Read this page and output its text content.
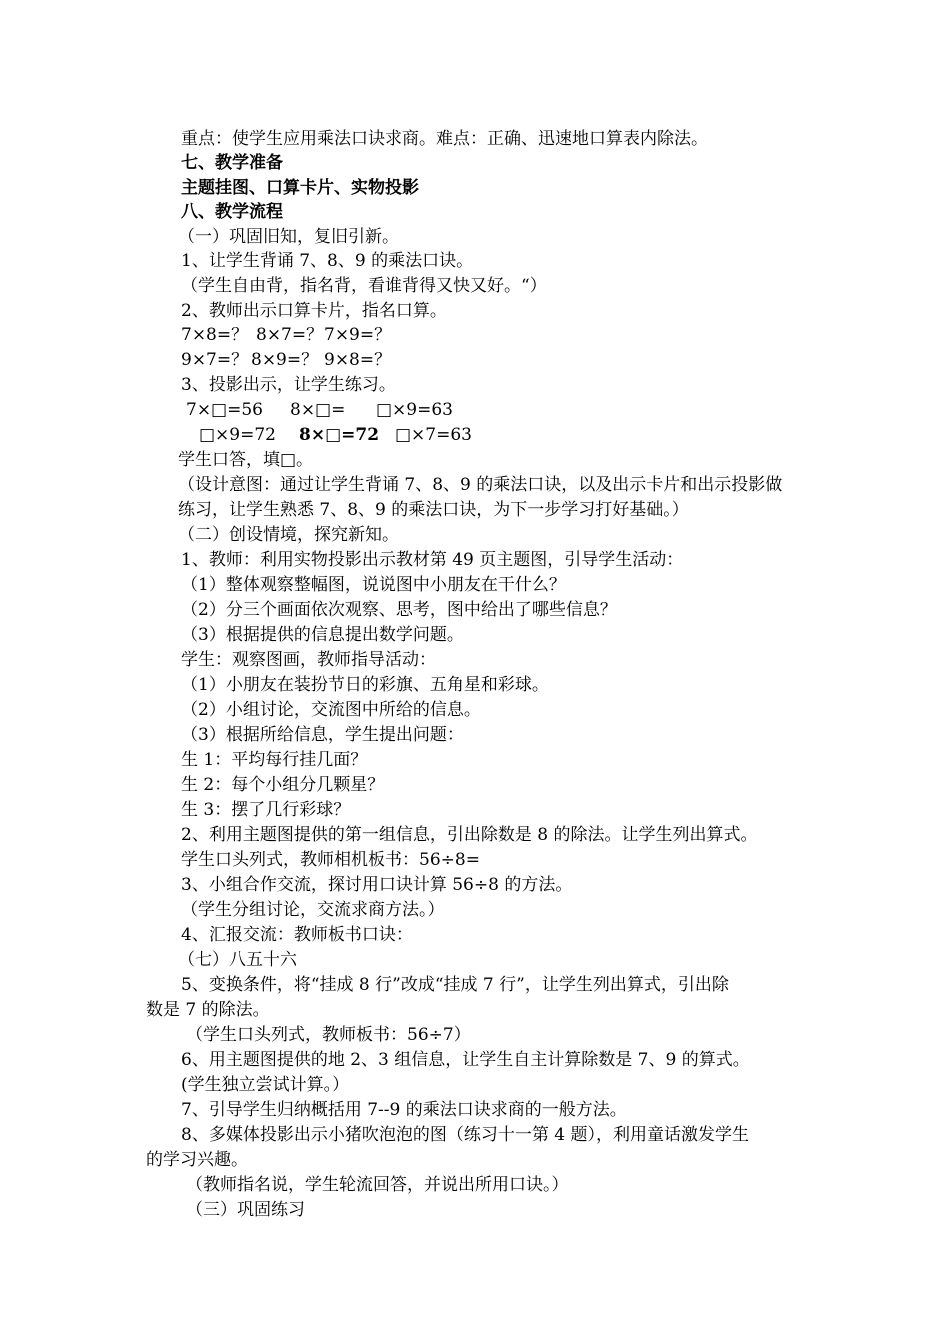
重点：使学生应用乘法口诀求商。难点：正确、迅速地口算表内除法。
七、教学准备
主题挂图、口算卡片、实物投影
八、教学流程
（一）巩固旧知，复旧引新。
1、让学生背诵 7、8、9 的乘法口诀。
（学生自由背，指名背，看谁背得又快又好。“）
2、教师出示口算卡片，指名口算。
7×8=？ 8×7=？ 7×9=？
9×7=？ 8×9=？ 9×8=？
3、投影出示，让学生练习。
7×□=56 8×□= □×9=63
□×9=72 8×□=72 □×7=63
学生口答，填□。
（设计意图：通过让学生背诵 7、8、9 的乘法口诀，以及出示卡片和出示投影做
练习，让学生熟悉 7、8、9 的乘法口诀，为下一步学习打好基础。）
（二）创设情境，探究新知。
1、教师：利用实物投影出示教材第 49 页主题图，引导学生活动：
（1）整体观察整幅图，说说图中小朋友在干什么？
（2）分三个画面依次观察、思考，图中给出了哪些信息？
（3）根据提供的信息提出数学问题。
学生：观察图画，教师指导活动：
（1）小朋友在装扮节日的彩旗、五角星和彩球。
（2）小组讨论，交流图中所给的信息。
（3）根据所给信息，学生提出问题：
生 1：平均每行挂几面？
生 2：每个小组分几颗星？
生 3：摆了几行彩球？
2、利用主题图提供的第一组信息，引出除数是 8 的除法。让学生列出算式。
学生口头列式，教师相机板书：56÷8=
3、小组合作交流，探讨用口诀计算 56÷8 的方法。
（学生分组讨论，交流求商方法。）
4、汇报交流：教师板书口诀：
（七）八五十六
5、变换条件，将“挂成 8 行”改成“挂成 7 行”，让学生列出算式，引出除
数是 7 的除法。
（学生口头列式，教师板书：56÷7）
6、用主题图提供的地 2、3 组信息，让学生自主计算除数是 7、9 的算式。
(学生独立尝试计算。）
7、引导学生归纳概括用 7--9 的乘法口诀求商的一般方法。
8、多媒体投影出示小猪吹泡泡的图（练习十一第 4 题），利用童话激发学生
的学习兴趣。
（教师指名说，学生轮流回答，并说出所用口诀。）
（三）巩固练习
